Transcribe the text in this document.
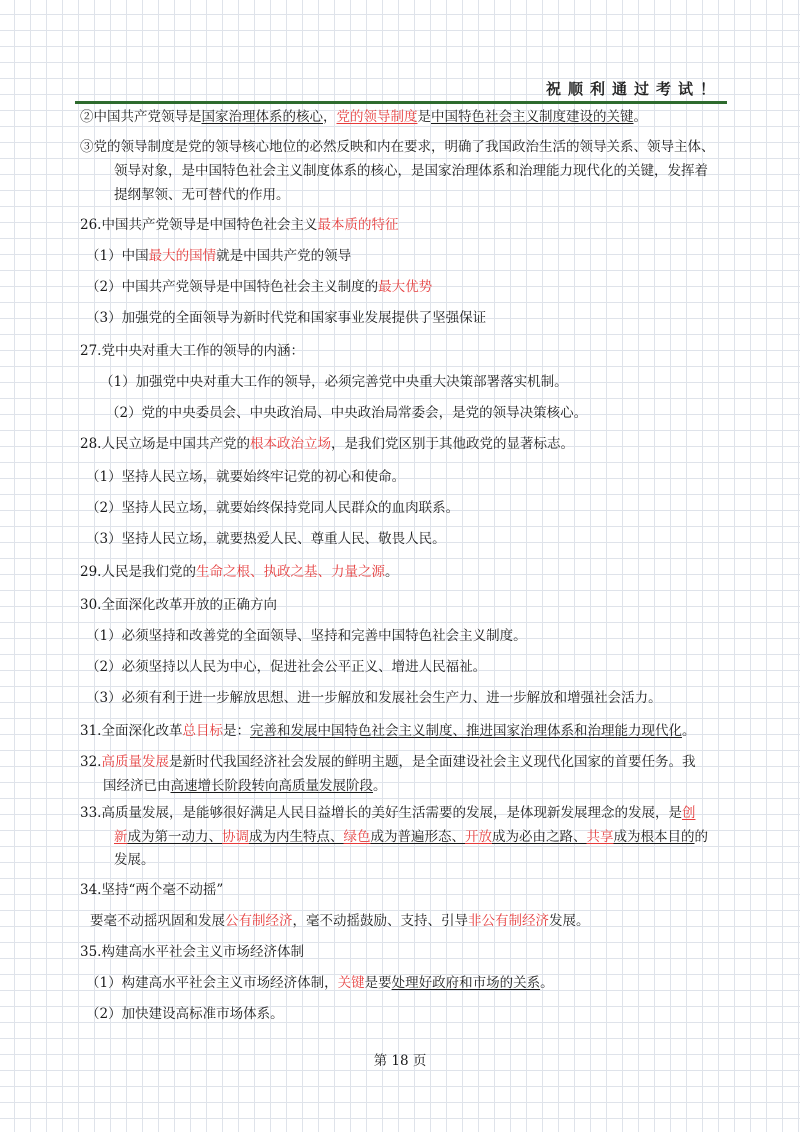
祝顺利通过考试！
②中国共产党领导是国家治理体系的核心，党的领导制度是中国特色社会主义制度建设的关键。
③党的领导制度是党的领导核心地位的必然反映和内在要求，明确了我国政治生活的领导关系、领导主体、
领导对象，是中国特色社会主义制度体系的核心，是国家治理体系和治理能力现代化的关键，发挥着
提纲挈领、无可替代的作用。
26.中国共产党领导是中国特色社会主义最本质的特征
（1）中国最大的国情就是中国共产党的领导
（2）中国共产党领导是中国特色社会主义制度的最大优势
（3）加强党的全面领导为新时代党和国家事业发展提供了坚强保证
27.党中央对重大工作的领导的内涵：
（1）加强党中央对重大工作的领导，必须完善党中央重大决策部署落实机制。
（2）党的中央委员会、中央政治局、中央政治局常委会，是党的领导决策核心。
28.人民立场是中国共产党的根本政治立场，是我们党区别于其他政党的显著标志。
（1）坚持人民立场，就要始终牢记党的初心和使命。
（2）坚持人民立场，就要始终保持党同人民群众的血肉联系。
（3）坚持人民立场，就要热爱人民、尊重人民、敬畏人民。
29.人民是我们党的生命之根、执政之基、力量之源。
30.全面深化改革开放的正确方向
（1）必须坚持和改善党的全面领导、坚持和完善中国特色社会主义制度。
（2）必须坚持以人民为中心，促进社会公平正义、增进人民福祉。
（3）必须有利于进一步解放思想、进一步解放和发展社会生产力、进一步解放和增强社会活力。
31.全面深化改革总目标是：完善和发展中国特色社会主义制度、推进国家治理体系和治理能力现代化。
32.高质量发展是新时代我国经济社会发展的鲜明主题，是全面建设社会主义现代化国家的首要任务。我
国经济已由高速增长阶段转向高质量发展阶段。
33.高质量发展，是能够很好满足人民日益增长的美好生活需要的发展，是体现新发展理念的发展，是创
新成为第一动力、协调成为内生特点、绿色成为普遍形态、开放成为必由之路、共享成为根本目的的
发展。
34.坚持“两个毫不动摇”
要毫不动摇巩固和发展公有制经济，毫不动摇鼓励、支持、引导非公有制经济发展。
35.构建高水平社会主义市场经济体制
（1）构建高水平社会主义市场经济体制，关键是要处理好政府和市场的关系。
（2）加快建设高标准市场体系。
第 18 页
